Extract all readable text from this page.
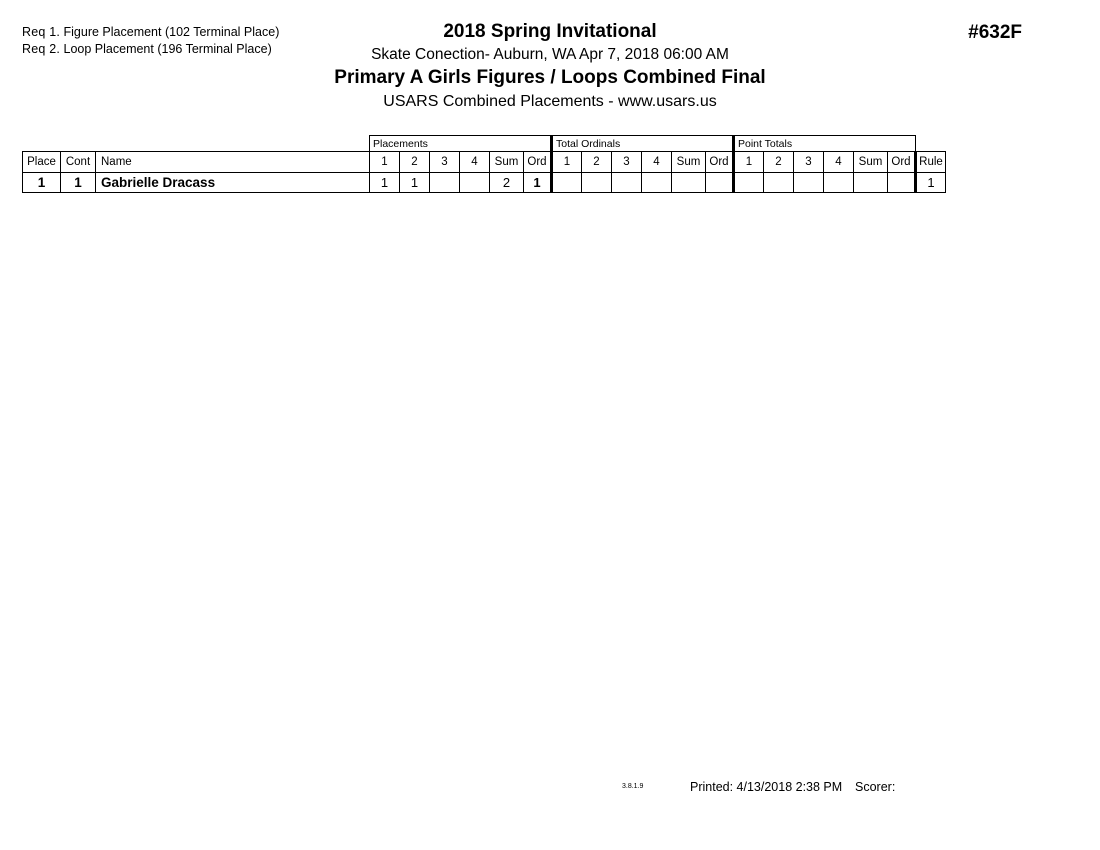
Req 1. Figure Placement (102 Terminal Place)
Req 2. Loop Placement (196 Terminal Place)
2018 Spring Invitational
Skate Conection- Auburn, WA Apr 7, 2018 06:00 AM
Primary A Girls Figures / Loops Combined Final
USARS Combined Placements - www.usars.us
#632F
			Placements						Total Ordinals						Point Totals						
Place	Cont	Name	1	2	3	4	Sum	Ord	1	2	3	4	Sum	Ord	1	2	3	4	Sum	Ord	Rule
1	1	Gabrielle Dracass	1	1			2	1													1
3.8.1.9	Printed: 4/13/2018 2:38 PM Scorer:
